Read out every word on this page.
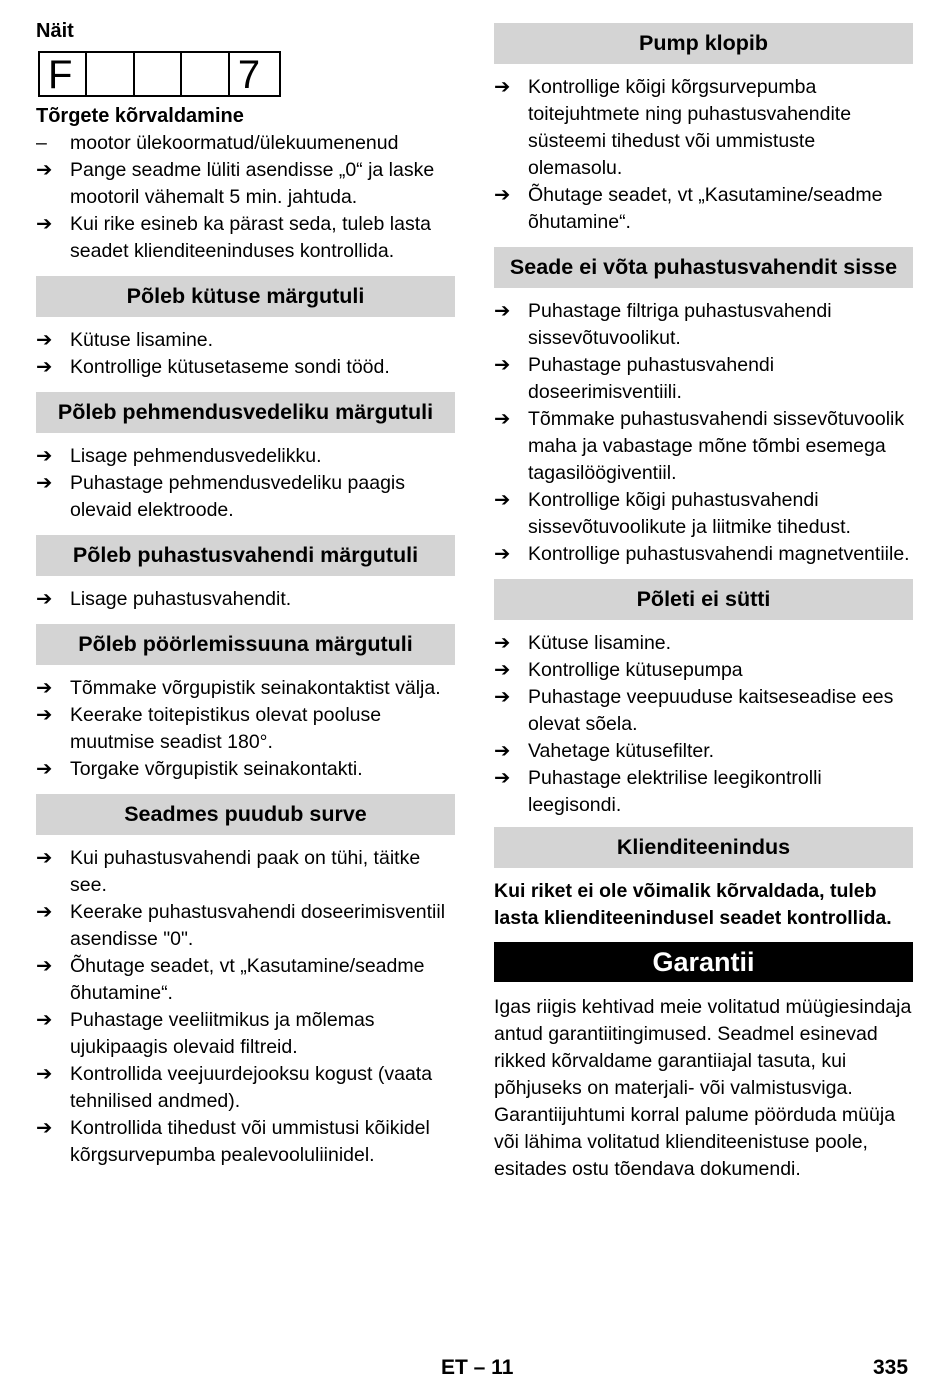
Näit
F	7
Tõrgete kõrvaldamine
–	mootor ülekoormatud/ülekuumenenud
➔ Pange seadme lüliti asendisse „0“ ja laske mootoril vähemalt 5 min. jahtuda.
➔ Kui rike esineb ka pärast seda, tuleb lasta seadet klienditeeninduses kontrollida.
Põleb kütuse märgutuli
➔ Kütuse lisamine.
➔ Kontrollige kütusetaseme sondi tööd.
Põleb pehmendusvedeliku märgutuli
➔ Lisage pehmendusvedelikku.
➔ Puhastage pehmendusvedeliku paagis olevaid elektroode.
Põleb puhastusvahendi märgutuli
➔ Lisage puhastusvahendit.
Põleb pöörlemissuuna märgutuli
➔ Tõmmake võrgupistik seinakontaktist välja.
➔ Keerake toitepistikus olevat pooluse muutmise seadist 180°.
➔ Torgake võrgupistik seinakontakti.
Seadmes puudub surve
➔ Kui puhastusvahendi paak on tühi, täitke see.
➔ Keerake puhastusvahendi doseerimisventiil asendisse "0".
➔ Õhutage seadet, vt „Kasutamine/seadme õhutamine“.
➔ Puhastage veeliitmikus ja mõlemas ujukipaagis olevaid filtreid.
➔ Kontrollida veejuurdejooksu kogust (vaata tehnilised andmed).
➔ Kontrollida tihedust või ummistusi kõikidel kõrgsurvepumba pealevooluliinidel.
Pump klopib
➔ Kontrollige kõigi kõrgsurvepumba toitejuhtmete ning puhastusvahendite süsteemi tihedust või ummistuste olemasolu.
➔ Õhutage seadet, vt „Kasutamine/seadme õhutamine“.
Seade ei võta puhastusvahendit sisse
➔ Puhastage filtriga puhastusvahendi sissevõtuvoolikut.
➔ Puhastage puhastusvahendi doseerimisventiili.
➔ Tõmmake puhastusvahendi sissevõtuvoolik maha ja vabastage mõne tõmbi esemega tagasilöögiventiil.
➔ Kontrollige kõigi puhastusvahendi sissevõtuvoolikute ja liitmike tihedust.
➔ Kontrollige puhastusvahendi magnetventiile.
Põleti ei sütti
➔ Kütuse lisamine.
➔ Kontrollige kütusepumpa
➔ Puhastage veepuuduse kaitseseadise ees olevat sõela.
➔ Vahetage kütusefilter.
➔ Puhastage elektrilise leegikontrolli leegisondi.
Klienditeenindus
Kui riket ei ole võimalik kõrvaldada, tuleb lasta klienditeenindusel seadet kontrollida.
Garantii
Igas riigis kehtivad meie volitatud müügiesindaja antud garantiitingimused. Seadmel esinevad rikked kõrvaldame garantiiajal tasuta, kui põhjuseks on materjali- või valmistusviga. Garantiijuhtumi korral palume pöörduda müüja või lähima volitatud klienditeenistuse poole, esitades ostu tõendava dokumendi.
ET – 11	335
